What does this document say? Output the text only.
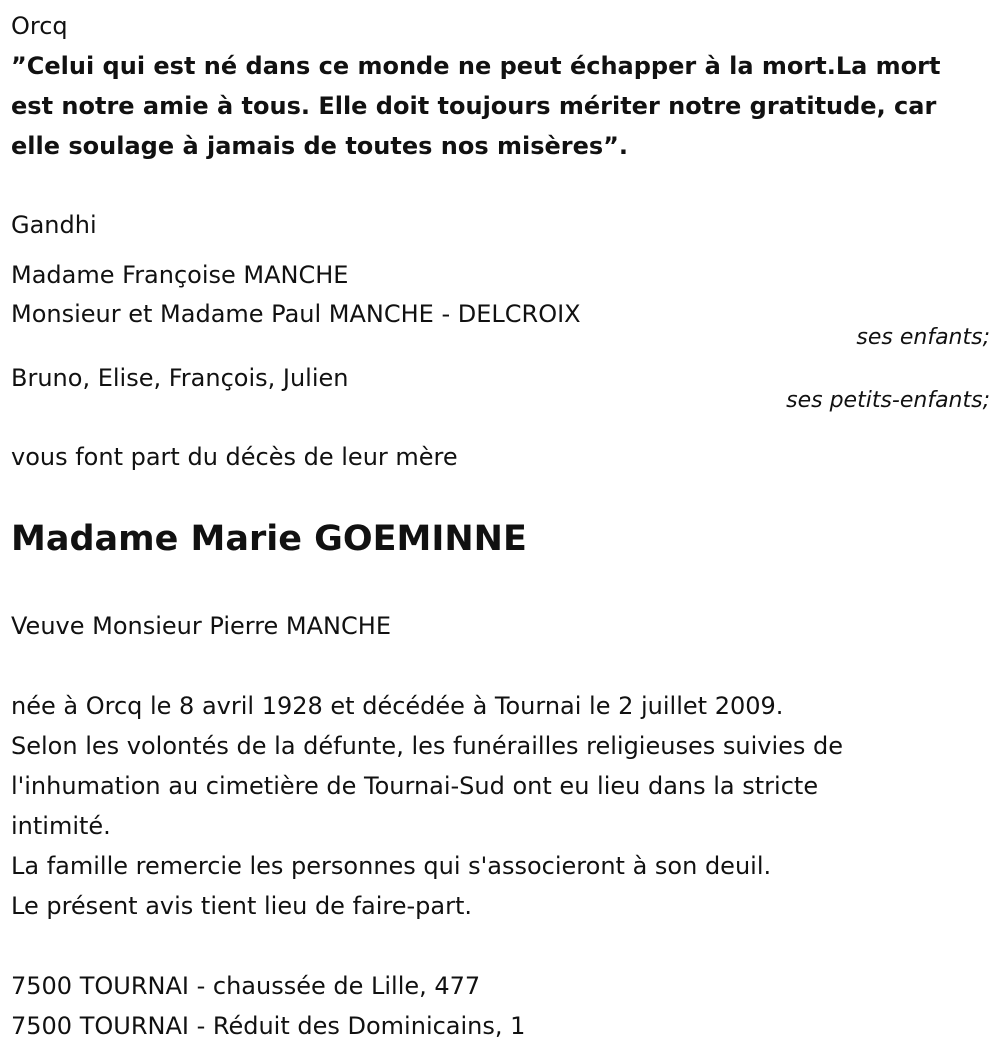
Orcq
”Celui qui est né dans ce monde ne peut échapper à la mort.La mort
est notre amie à tous. Elle doit toujours mériter notre gratitude, car
elle soulage à jamais de toutes nos misères”.
Gandhi
Madame Françoise MANCHE
Monsieur et Madame Paul MANCHE - DELCROIX
ses enfants;
Bruno, Elise, François, Julien
ses petits-enfants;
vous font part du décès de leur mère
Madame Marie GOEMINNE
Veuve Monsieur Pierre MANCHE
née à Orcq le 8 avril 1928 et décédée à Tournai le 2 juillet 2009.
Selon les volontés de la défunte, les funérailles religieuses suivies de
l'inhumation au cimetière de Tournai-Sud ont eu lieu dans la stricte
intimité.
La famille remercie les personnes qui s'associeront à son deuil.
Le présent avis tient lieu de faire-part.
7500 TOURNAI - chaussée de Lille, 477
7500 TOURNAI - Réduit des Dominicains, 1
